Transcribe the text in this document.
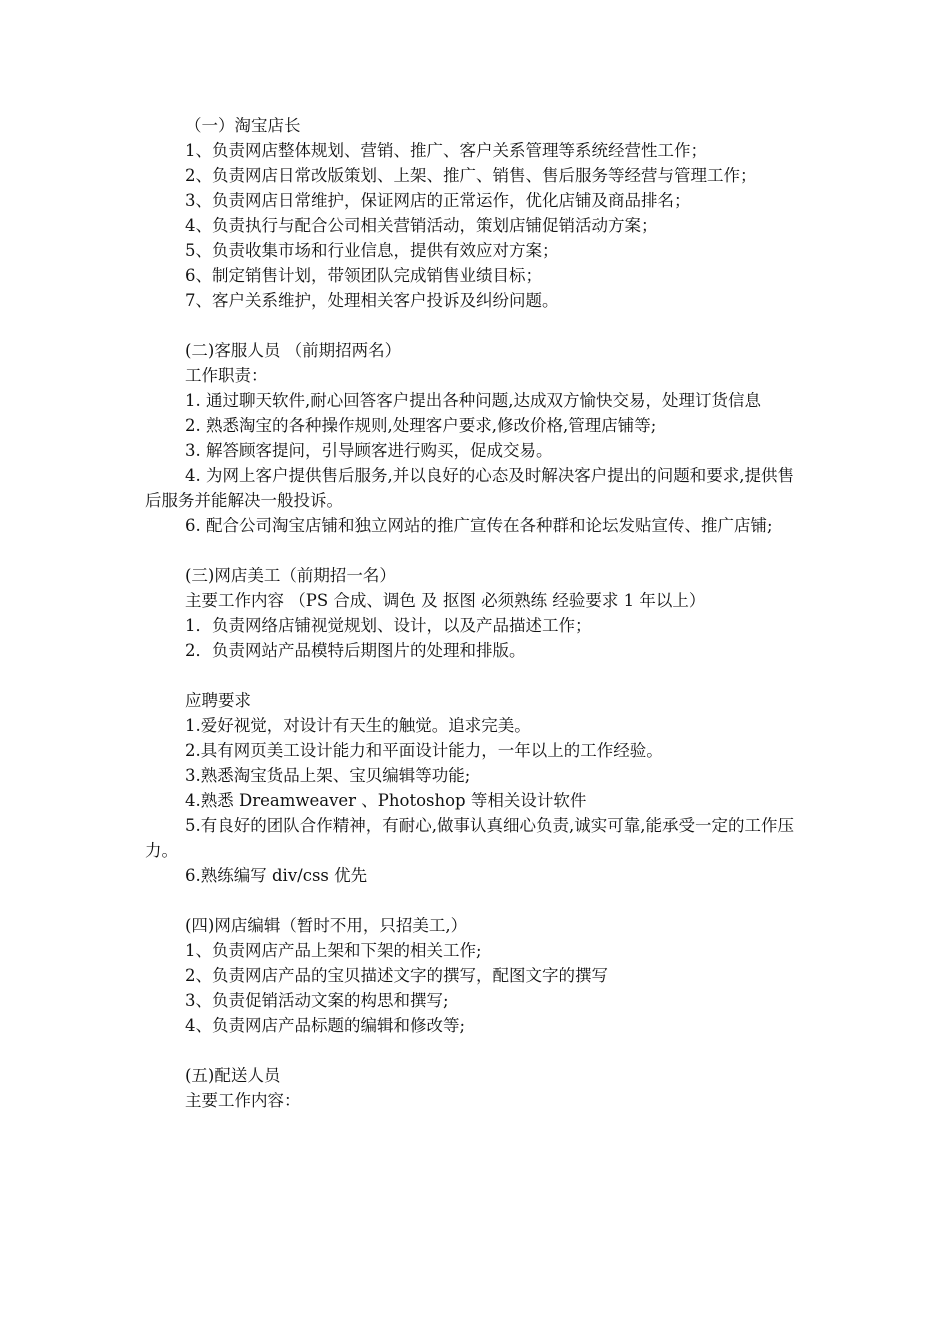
（一）淘宝店长

1、负责网店整体规划、营销、推广、客户关系管理等系统经营性工作；

2、负责网店日常改版策划、上架、推广、销售、售后服务等经营与管理工作；

3、负责网店日常维护，保证网店的正常运作，优化店铺及商品排名；

4、负责执行与配合公司相关营销活动，策划店铺促销活动方案；

5、负责收集市场和行业信息，提供有效应对方案；

6、制定销售计划，带领团队完成销售业绩目标；

7、客户关系维护，处理相关客户投诉及纠纷问题。

(二)客服人员 （前期招两名）

工作职责：

1. 通过聊天软件,耐心回答客户提出各种问题,达成双方愉快交易，处理订货信息

2. 熟悉淘宝的各种操作规则,处理客户要求,修改价格,管理店铺等;

3. 解答顾客提问，引导顾客进行购买，促成交易。

4. 为网上客户提供售后服务,并以良好的心态及时解决客户提出的问题和要求,提供售后服务并能解决一般投诉。

6. 配合公司淘宝店铺和独立网站的推广宣传在各种群和论坛发贴宣传、推广店铺;

(三)网店美工（前期招一名）

主要工作内容 （PS 合成、调色 及 抠图 必须熟练 经验要求 1 年以上）

1．负责网络店铺视觉规划、设计，以及产品描述工作；

2．负责网站产品模特后期图片的处理和排版。

应聘要求

1.爱好视觉，对设计有天生的触觉。追求完美。

2.具有网页美工设计能力和平面设计能力，一年以上的工作经验。

3.熟悉淘宝货品上架、宝贝编辑等功能;

4.熟悉 Dreamweaver 、Photoshop 等相关设计软件

5.有良好的团队合作精神，有耐心,做事认真细心负责,诚实可靠,能承受一定的工作压力。

6.熟练编写 div/css 优先

(四)网店编辑（暂时不用，只招美工,）

1、负责网店产品上架和下架的相关工作;

2、负责网店产品的宝贝描述文字的撰写，配图文字的撰写

3、负责促销活动文案的构思和撰写;

4、负责网店产品标题的编辑和修改等;

(五)配送人员

主要工作内容：
